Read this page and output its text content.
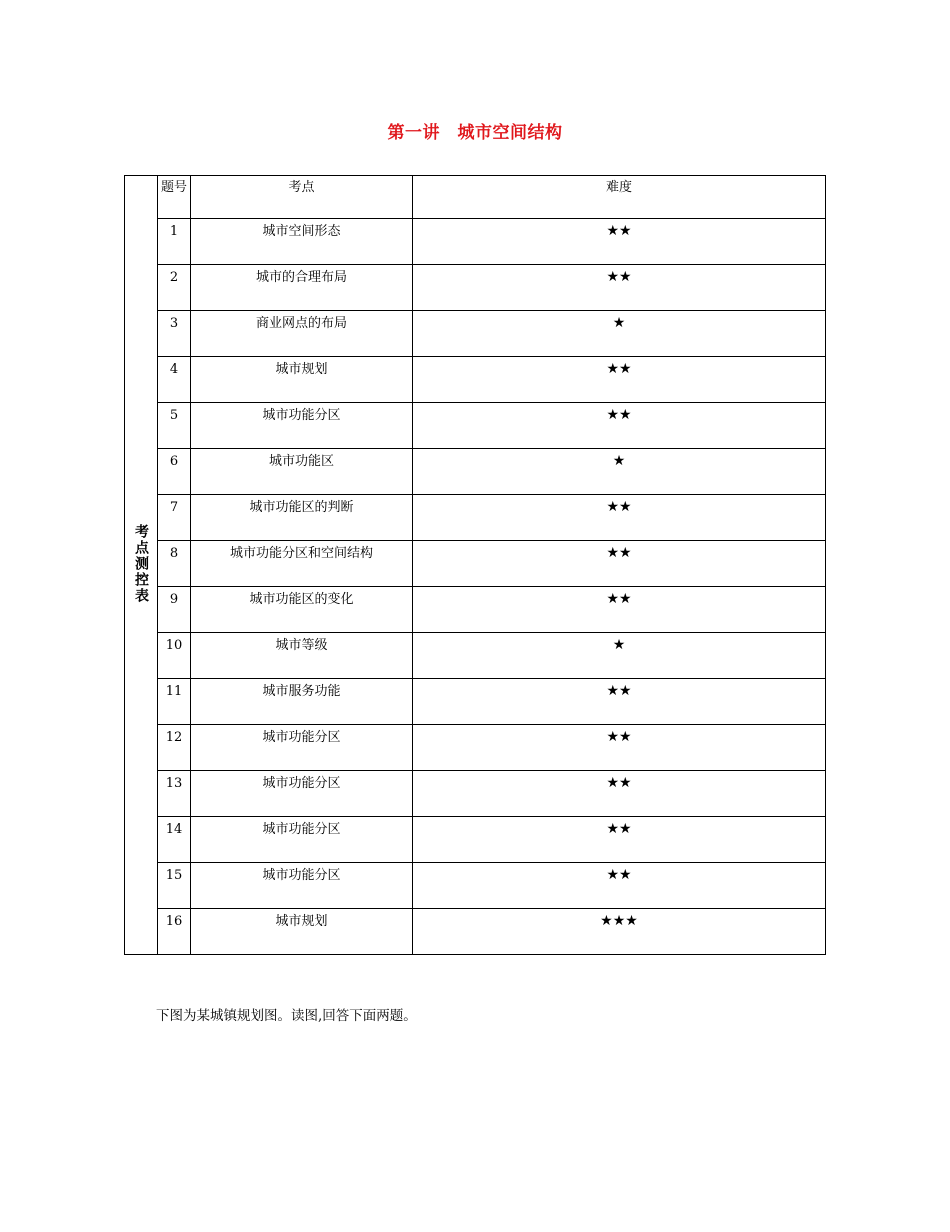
第一讲　城市空间结构
考点测控表	题号	考点	难度

	1	城市空间形态	★★

	2	城市的合理布局	★★

	3	商业网点的布局	★

	4	城市规划	★★

	5	城市功能分区	★★

	6	城市功能区	★

	7	城市功能区的判断	★★

	8	城市功能分区和空间结构	★★

	9	城市功能区的变化	★★

	10	城市等级	★

	11	城市服务功能	★★

	12	城市功能分区	★★

	13	城市功能分区	★★

	14	城市功能分区	★★

	15	城市功能分区	★★

	16	城市规划	★★★
下图为某城镇规划图。读图,回答下面两题。
